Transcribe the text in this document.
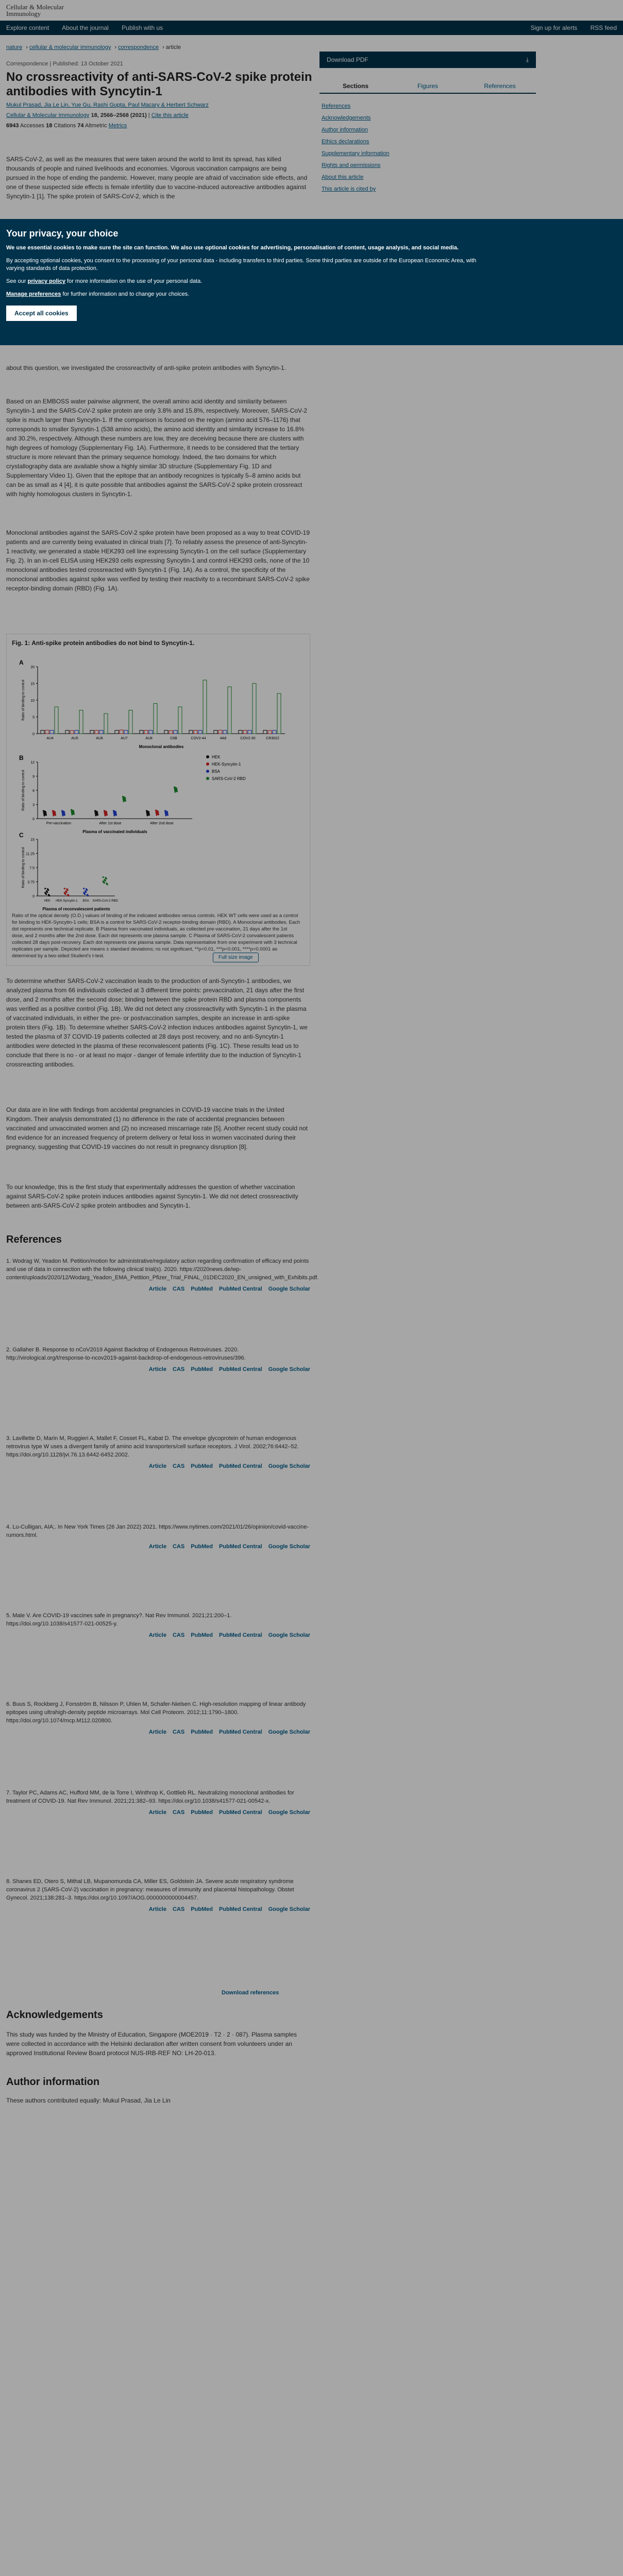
Cellular & Molecular
Immunology
Explore content About the journal Publish with us	Sign up for alerts RSS feed
nature › cellular & molecular immunology › correspondence › article
Correspondence | Published: 13 October 2021
No crossreactivity of anti-SARS-CoV-2 spike protein antibodies with Syncytin-1
Mukul Prasad, Jia Le Lin, Yue Gu, Rashi Gupta, Paul Macary & Herbert Schwarz
Cellular & Molecular Immunology 18, 2566–2568 (2021) | Cite this article
6943 Accesses 18 Citations 74 Altmetric Metrics
Download PDF	⤓
Sections	Figures	References
References
Acknowledgements
Author information
Ethics declarations
Supplementary information
Rights and permissions
About this article
This article is cited by

SARS-CoV-2, as well as the measures that were taken around the world to limit its spread, has killed thousands of people and ruined livelihoods and economies. Vigorous vaccination campaigns are being pursued in the hope of ending the pandemic. However, many people are afraid of vaccination side effects, and one of these suspected side effects is female infertility due to vaccine-induced autoreactive antibodies against Syncytin-1 [1]. The spike protein of SARS-CoV-2, which is the

about this question, we investigated the crossreactivity of anti-spike protein antibodies with Syncytin-1.

Based on an EMBOSS water pairwise alignment, the overall amino acid identity and similarity between Syncytin-1 and the SARS-CoV-2 spike protein are only 3.8% and 15.8%, respectively. Moreover, SARS-CoV-2 spike is much larger than Syncytin-1. If the comparison is focused on the region (amino acid 576–1176) that corresponds to smaller Syncytin-1 (538 amino acids), the amino acid identity and similarity increase to 16.8% and 30.2%, respectively. Although these numbers are low, they are deceiving because there are clusters with high degrees of homology (Supplementary Fig. 1A). Furthermore, it needs to be considered that the tertiary structure is more relevant than the primary sequence homology. Indeed, the two domains for which crystallography data are available show a highly similar 3D structure (Supplementary Fig. 1D and Supplementary Video 1). Given that the epitope that an antibody recognizes is typically 5–8 amino acids but can be as small as 4 [4], it is quite possible that antibodies against the SARS-CoV-2 spike protein crossreact with highly homologous clusters in Syncytin-1.

Monoclonal antibodies against the SARS-CoV-2 spike protein have been proposed as a way to treat COVID-19 patients and are currently being evaluated in clinical trials [7]. To reliably assess the presence of anti-Syncytin-1 reactivity, we generated a stable HEK293 cell line expressing Syncytin-1 on the cell surface (Supplementary Fig. 2). In an in-cell ELISA using HEK293 cells expressing Syncytin-1 and control HEK293 cells, none of the 10 monoclonal antibodies tested crossreacted with Syncytin-1 (Fig. 1A). As a control, the specificity of the monoclonal antibodies against spike was verified by testing their reactivity to a recombinant SARS-CoV-2 spike receptor-binding domain (RBD) (Fig. 1A).

Fig. 1: Anti-spike protein antibodies do not bind to Syncytin-1.
A
0
5
10
15
20
Ratio of binding to control
Monoclonal antibodies
AU4	AU5	AU6	AU7	AU8	C6B	COV2-44	4A8	COV2-30	CR3022
HEK
HEK-Syncytin-1
BSA
SARS-CoV-2 RBD
B
0
3
6
9
12
Ratio of binding to control
Plasma of vaccinated individuals
Pre-vaccination	After 1st dose	After 2nd dose
C
0
3.75
7.5
11.25
15
Ratio of binding to control
Plasma of reconvalescent patients
HEK HEK-Syncytin-1 BSA SARS-CoV-2 RBD
Ratio of the optical density (O.D.) values of binding of the indicated antibodies versus controls. HEK WT cells were used as a control for binding to HEK-Syncytin-1 cells; BSA is a control for SARS-CoV-2 receptor-binding domain (RBD). A Monoclonal antibodies. Each dot represents one technical replicate. B Plasma from vaccinated individuals, as collected pre-vaccination, 21 days after the 1st dose, and 2 months after the 2nd dose. Each dot represents one plasma sample. C Plasma of SARS-CoV-2 convalescent patients collected 28 days post-recovery. Each dot represents one plasma sample. Data representative from one experiment with 3 technical replicates per sample. Depicted are means ± standard deviations; ns not significant, **p<0.01, ***p<0.001, ****p<0.0001 as determined by a two-sided Student's t-test.	Full size image

To determine whether SARS-CoV-2 vaccination leads to the production of anti-Syncytin-1 antibodies, we analyzed plasma from 66 individuals collected at 3 different time points: prevaccination, 21 days after the first dose, and 2 months after the second dose; binding between the spike protein RBD and plasma components was verified as a positive control (Fig. 1B). We did not detect any crossreactivity with Syncytin-1 in the plasma of vaccinated individuals, in either the pre- or postvaccination samples, despite an increase in anti-spike protein titers (Fig. 1B). To determine whether SARS-CoV-2 infection induces antibodies against Syncytin-1, we tested the plasma of 37 COVID-19 patients collected at 28 days post recovery, and no anti-Syncytin-1 antibodies were detected in the plasma of these reconvalescent patients (Fig. 1C). These results lead us to conclude that there is no - or at least no major - danger of female infertility due to the induction of Syncytin-1 crossreacting antibodies.

Our data are in line with findings from accidental pregnancies in COVID-19 vaccine trials in the United Kingdom. Their analysis demonstrated (1) no difference in the rate of accidental pregnancies between vaccinated and unvaccinated women and (2) no increased miscarriage rate [5]. Another recent study could not find evidence for an increased frequency of preterm delivery or fetal loss in women vaccinated during their pregnancy, suggesting that COVID-19 vaccines do not result in pregnancy disruption [8].

To our knowledge, this is the first study that experimentally addresses the question of whether vaccination against SARS-CoV-2 spike protein induces antibodies against Syncytin-1. We did not detect crossreactivity between anti-SARS-CoV-2 spike protein antibodies and Syncytin-1.

References
1. Wodrag W, Yeadon M. Petition/motion for administrative/regulatory action regarding confirmation of efficacy end points and use of data in connection with the following clinical trial(s). 2020. https://2020news.de/wp-content/uploads/2020/12/Wodarg_Yeadon_EMA_Petition_Pfizer_Trial_FINAL_01DEC2020_EN_unsigned_with_Exhibits.pdf.
Article CAS PubMed PubMed Central Google Scholar
2. Gallaher B. Response to nCoV2019 Against Backdrop of Endogenous Retroviruses. 2020. http://virological.org/t/response-to-ncov2019-against-backdrop-of-endogenous-retroviruses/396.
Article CAS PubMed PubMed Central Google Scholar
3. Lavillette D, Marin M, Ruggieri A, Mallet F, Cosset FL, Kabat D. The envelope glycoprotein of human endogenous retrovirus type W uses a divergent family of amino acid transporters/cell surface receptors. J Virol. 2002;76:6442–52. https://doi.org/10.1128/jvi.76.13.6442-6452.2002.
Article CAS PubMed PubMed Central Google Scholar
4. Lu-Culligan, AIA;. In New York Times (26 Jan 2022) 2021. https://www.nytimes.com/2021/01/26/opinion/covid-vaccine-rumors.html.
Article CAS PubMed PubMed Central Google Scholar
5. Male V. Are COVID-19 vaccines safe in pregnancy?. Nat Rev Immunol. 2021;21:200–1. https://doi.org/10.1038/s41577-021-00525-y.
Article CAS PubMed PubMed Central Google Scholar
6. Buus S, Rockberg J, Forsström B, Nilsson P, Uhlen M, Schafer-Nielsen C. High-resolution mapping of linear antibody epitopes using ultrahigh-density peptide microarrays. Mol Cell Proteom. 2012;11:1790–1800. https://doi.org/10.1074/mcp.M112.020800.
Article CAS PubMed PubMed Central Google Scholar
7. Taylor PC, Adams AC, Hufford MM, de la Torre I, Winthrop K, Gottlieb RL. Neutralizing monoclonal antibodies for treatment of COVID-19. Nat Rev Immunol. 2021;21:382–93. https://doi.org/10.1038/s41577-021-00542-x.
Article CAS PubMed PubMed Central Google Scholar
8. Shanes ED, Otero S, Mithal LB, Mupanomunda CA, Miller ES, Goldstein JA. Severe acute respiratory syndrome coronavirus 2 (SARS-CoV-2) vaccination in pregnancy: measures of immunity and placental histopathology. Obstet Gynecol. 2021;138:281–3. https://doi.org/10.1097/AOG.0000000000004457.
Article CAS PubMed PubMed Central Google Scholar
Download references
Acknowledgements

This study was funded by the Ministry of Education, Singapore (MOE2019 · T2 · 2 · 087). Plasma samples were collected in accordance with the Helsinki declaration after written consent from volunteers under an approved Institutional Review Board protocol NUS-IRB-REF NO: LH-20-013.

Author information

These authors contributed equally: Mukul Prasad, Jia Le Lin

Your privacy, your choice

We use essential cookies to make sure the site can function. We also use optional cookies for advertising, personalisation of content, usage analysis, and social media.

By accepting optional cookies, you consent to the processing of your personal data - including transfers to third parties. Some third parties are outside of the European Economic Area, with varying standards of data protection.

See our privacy policy for more information on the use of your personal data.

Manage preferences for further information and to change your choices.

Accept all cookies
